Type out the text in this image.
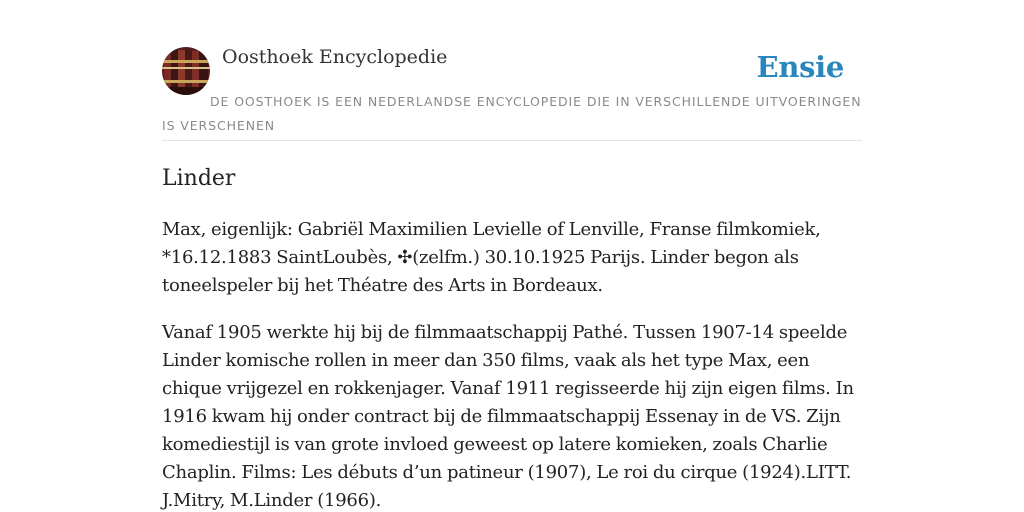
Oosthoek Encyclopedie	Ensie
DE OOSTHOEK IS EEN NEDERLANDSE ENCYCLOPEDIE DIE IN VERSCHILLENDE UITVOERINGEN IS VERSCHENEN
Linder

Max, eigenlijk: Gabriël Maximilien Levielle of Lenville, Franse filmkomiek, *16.12.1883 SaintLoubès, ✣(zelfm.) 30.10.1925 Parijs. Linder begon als toneelspeler bij het Théatre des Arts in Bordeaux.

Vanaf 1905 werkte hij bij de filmmaatschappij Pathé. Tussen 1907-14 speelde Linder komische rollen in meer dan 350 films, vaak als het type Max, een chique vrijgezel en rokkenjager. Vanaf 1911 regisseerde hij zijn eigen films. In 1916 kwam hij onder contract bij de filmmaatschappij Essenay in de VS. Zijn komediestijl is van grote invloed geweest op latere komieken, zoals Charlie Chaplin. Films: Les débuts d’un patineur (1907), Le roi du cirque (1924).LITT. J.Mitry, M.Linder (1966).
